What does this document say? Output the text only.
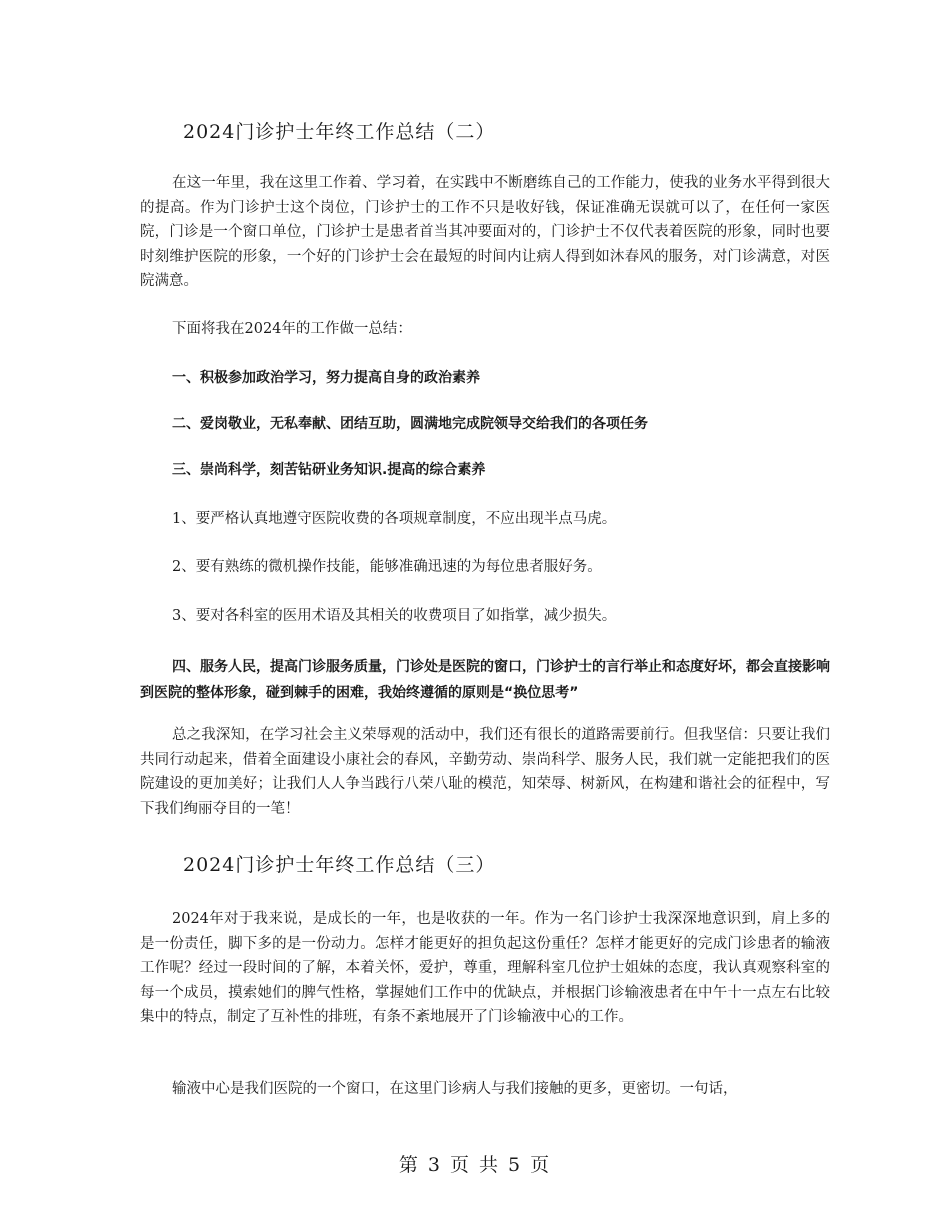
2024门诊护士年终工作总结（二）

在这一年里，我在这里工作着、学习着，在实践中不断磨练自己的工作能力，使我的业务水平得到很大的提高。作为门诊护士这个岗位，门诊护士的工作不只是收好钱，保证准确无误就可以了，在任何一家医院，门诊是一个窗口单位，门诊护士是患者首当其冲要面对的，门诊护士不仅代表着医院的形象，同时也要时刻维护医院的形象，一个好的门诊护士会在最短的时间内让病人得到如沐春风的服务，对门诊满意，对医院满意。

下面将我在2024年的工作做一总结：

一、积极参加政治学习，努力提高自身的政治素养

二、爱岗敬业，无私奉献、团结互助，圆满地完成院领导交给我们的各项任务

三、崇尚科学，刻苦钻研业务知识.提高的综合素养

1、要严格认真地遵守医院收费的各项规章制度，不应出现半点马虎。

2、要有熟练的微机操作技能，能够准确迅速的为每位患者服好务。

3、要对各科室的医用术语及其相关的收费项目了如指掌，减少损失。

四、服务人民，提高门诊服务质量，门诊处是医院的窗口，门诊护士的言行举止和态度好坏，都会直接影响到医院的整体形象，碰到棘手的困难，我始终遵循的原则是“换位思考”

总之我深知，在学习社会主义荣辱观的活动中，我们还有很长的道路需要前行。但我坚信：只要让我们共同行动起来，借着全面建设小康社会的春风，辛勤劳动、崇尚科学、服务人民，我们就一定能把我们的医院建设的更加美好；让我们人人争当践行八荣八耻的模范，知荣辱、树新风，在构建和谐社会的征程中，写下我们绚丽夺目的一笔！

2024门诊护士年终工作总结（三）

2024年对于我来说，是成长的一年，也是收获的一年。作为一名门诊护士我深深地意识到，肩上多的是一份责任，脚下多的是一份动力。怎样才能更好的担负起这份重任？怎样才能更好的完成门诊患者的输液工作呢？经过一段时间的了解，本着关怀，爱护，尊重，理解科室几位护士姐妹的态度，我认真观察科室的每一个成员，摸索她们的脾气性格，掌握她们工作中的优缺点，并根据门诊输液患者在中午十一点左右比较集中的特点，制定了互补性的排班，有条不紊地展开了门诊输液中心的工作。

输液中心是我们医院的一个窗口，在这里门诊病人与我们接触的更多，更密切。一句话，

第 3 页 共 5 页
